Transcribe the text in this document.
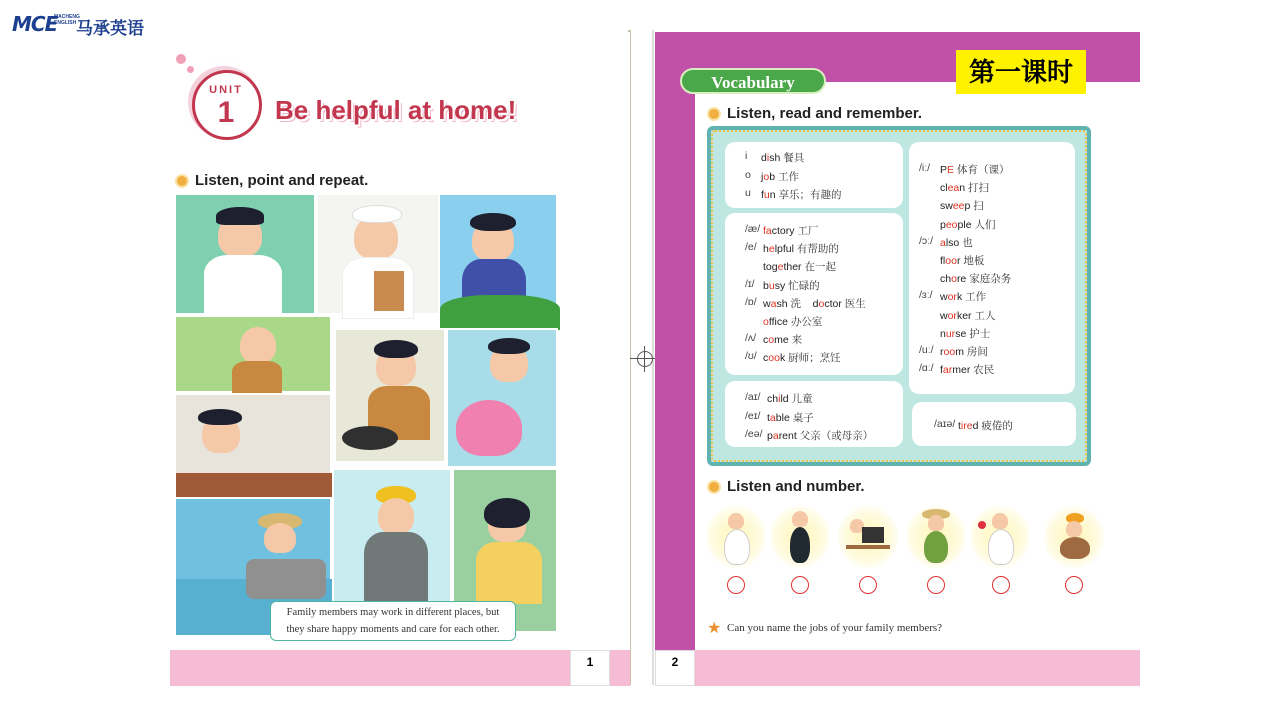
MCE
MACHENG
ENGLISH 马承英语
UNIT
1	Be helpful at home!
Listen, point and repeat.
Family members may work in different places, but
they share happy moments and care for each other.
1
Vocabulary	第一课时
Listen, read and remember.
i dish 餐具
o job 工作
u fun 享乐；有趣的
/æ/ factory 工厂
/e/ helpful 有帮助的
together 在一起
/ɪ/ busy 忙碌的
/ɒ/ wash 洗 doctor 医生
office 办公室
/ʌ/ come 来
/ʊ/ cook 厨师；烹饪
/aɪ/ child 儿童
/eɪ/ table 桌子
/eə/ parent 父亲（或母亲）
/iː/ PE 体育（课）
clean 打扫
sweep 扫
people 人们
/ɔː/ also 也
floor 地板
chore 家庭杂务
/ɜː/ work 工作
worker 工人
nurse 护士
/uː/ room 房间
/ɑː/ farmer 农民
/aɪə/ tired 疲倦的
Listen and number.
★ Can you name the jobs of your family members?
2
